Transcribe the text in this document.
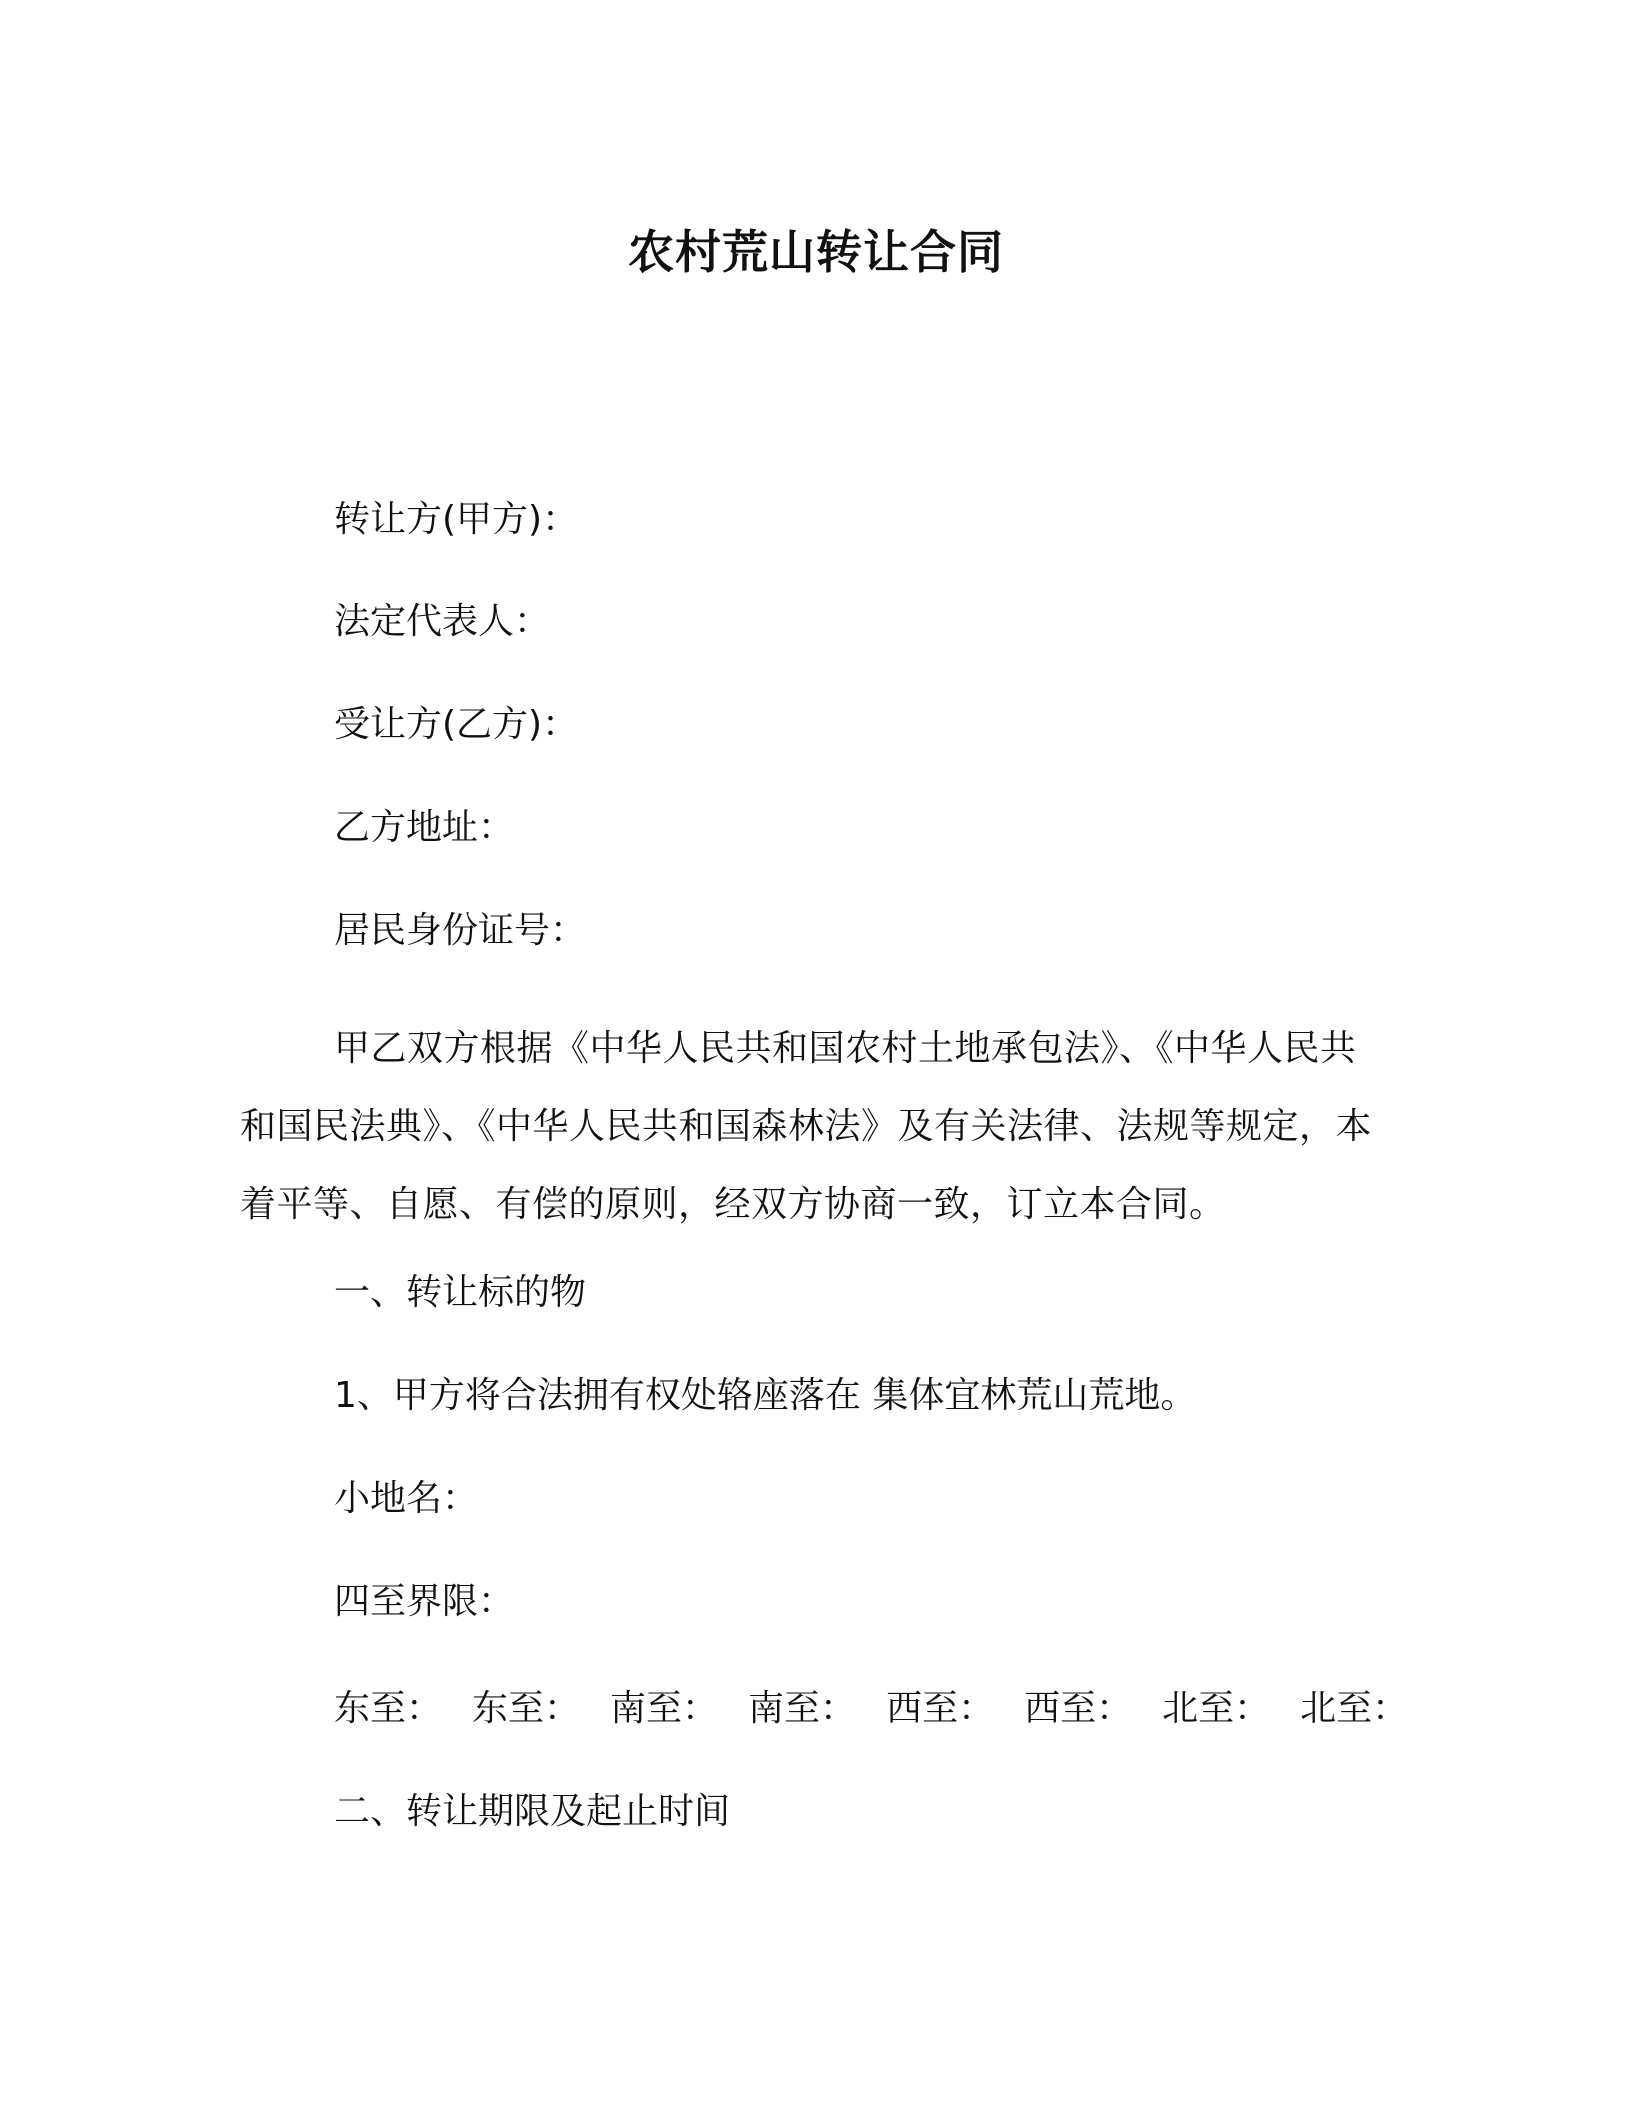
农村荒山转让合同
转让方(甲方)：
法定代表人：
受让方(乙方)：
乙方地址：
居民身份证号：
甲乙双方根据《中华人民共和国农村土地承包法》、《中华人民共和国民法典》、《中华人民共和国森林法》及有关法律、法规等规定，本着平等、自愿、有偿的原则，经双方协商一致，订立本合同。
一、转让标的物
1、甲方将合法拥有权处辂座落在 集体宜林荒山荒地。
小地名：
四至界限：
东至： 东至： 南至： 南至： 西至： 西至： 北至： 北至：
二、转让期限及起止时间
